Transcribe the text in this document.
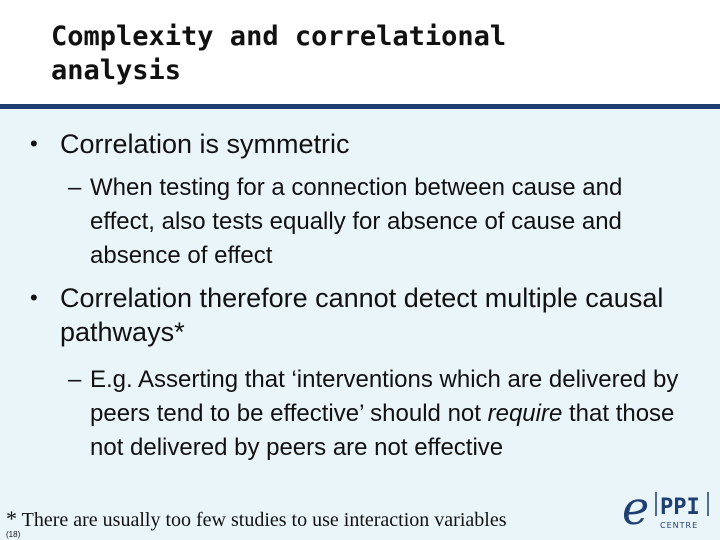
Complexity and correlational
analysis
• Correlation is symmetric
– When testing for a connection between cause and effect, also tests equally for absence of cause and absence of effect
• Correlation therefore cannot detect multiple causal pathways*
– E.g. Asserting that ‘interventions which are delivered by peers tend to be effective’ should not require that those not delivered by peers are not effective
* There are usually too few studies to use interaction variables
(18)	e PPI
CENTRE
